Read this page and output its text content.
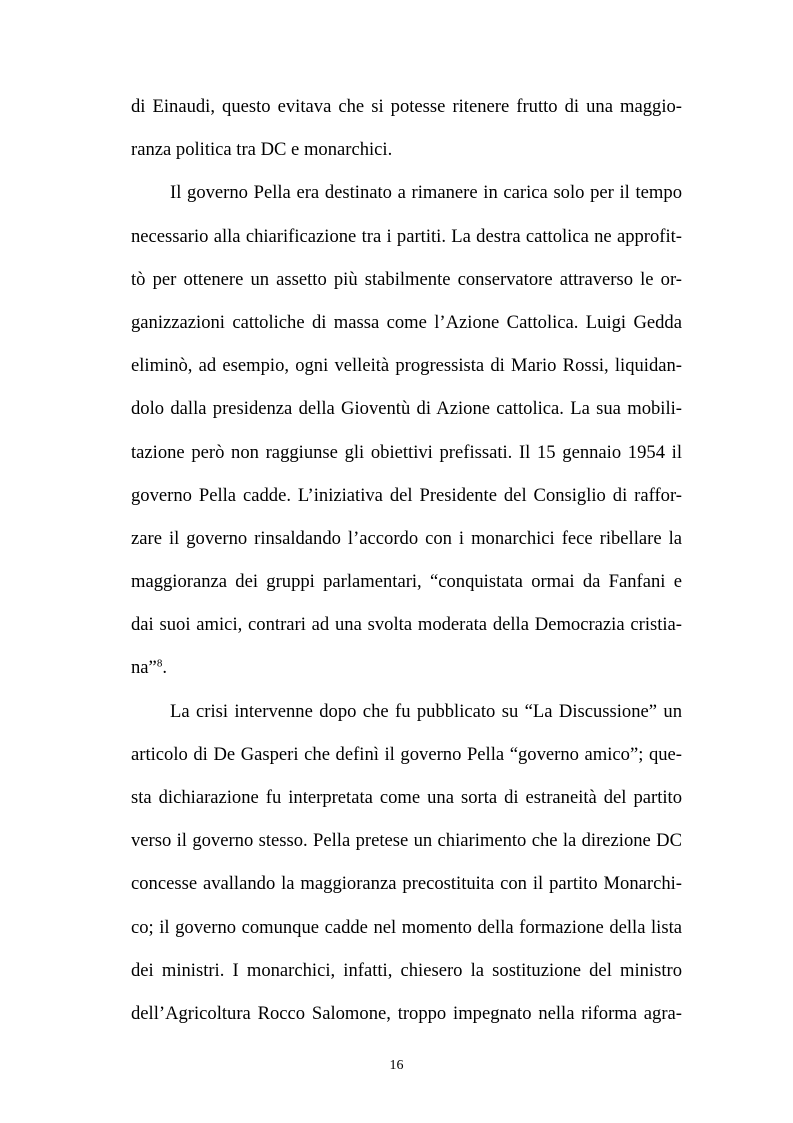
di Einaudi, questo evitava che si potesse ritenere frutto di una maggio-
ranza politica tra DC e monarchici.
Il governo Pella era destinato a rimanere in carica solo per il tempo
necessario alla chiarificazione tra i partiti. La destra cattolica ne approfit-
tò per ottenere un assetto più stabilmente conservatore attraverso le or-
ganizzazioni cattoliche di massa come l’Azione Cattolica. Luigi Gedda
eliminò, ad esempio, ogni velleità progressista di Mario Rossi, liquidan-
dolo dalla presidenza della Gioventù di Azione cattolica. La sua mobili-
tazione però non raggiunse gli obiettivi prefissati. Il 15 gennaio 1954 il
governo Pella cadde. L’iniziativa del Presidente del Consiglio di raffor-
zare il governo rinsaldando l’accordo con i monarchici fece ribellare la
maggioranza dei gruppi parlamentari, “conquistata ormai da Fanfani e
dai suoi amici, contrari ad una svolta moderata della Democrazia cristia-
na”$^8$.
La crisi intervenne dopo che fu pubblicato su “La Discussione” un
articolo di De Gasperi che definì il governo Pella “governo amico”; que-
sta dichiarazione fu interpretata come una sorta di estraneità del partito
verso il governo stesso. Pella pretese un chiarimento che la direzione DC
concesse avallando la maggioranza precostituita con il partito Monarchi-
co; il governo comunque cadde nel momento della formazione della lista
dei ministri. I monarchici, infatti, chiesero la sostituzione del ministro
dell’Agricoltura Rocco Salomone, troppo impegnato nella riforma agra-
16
